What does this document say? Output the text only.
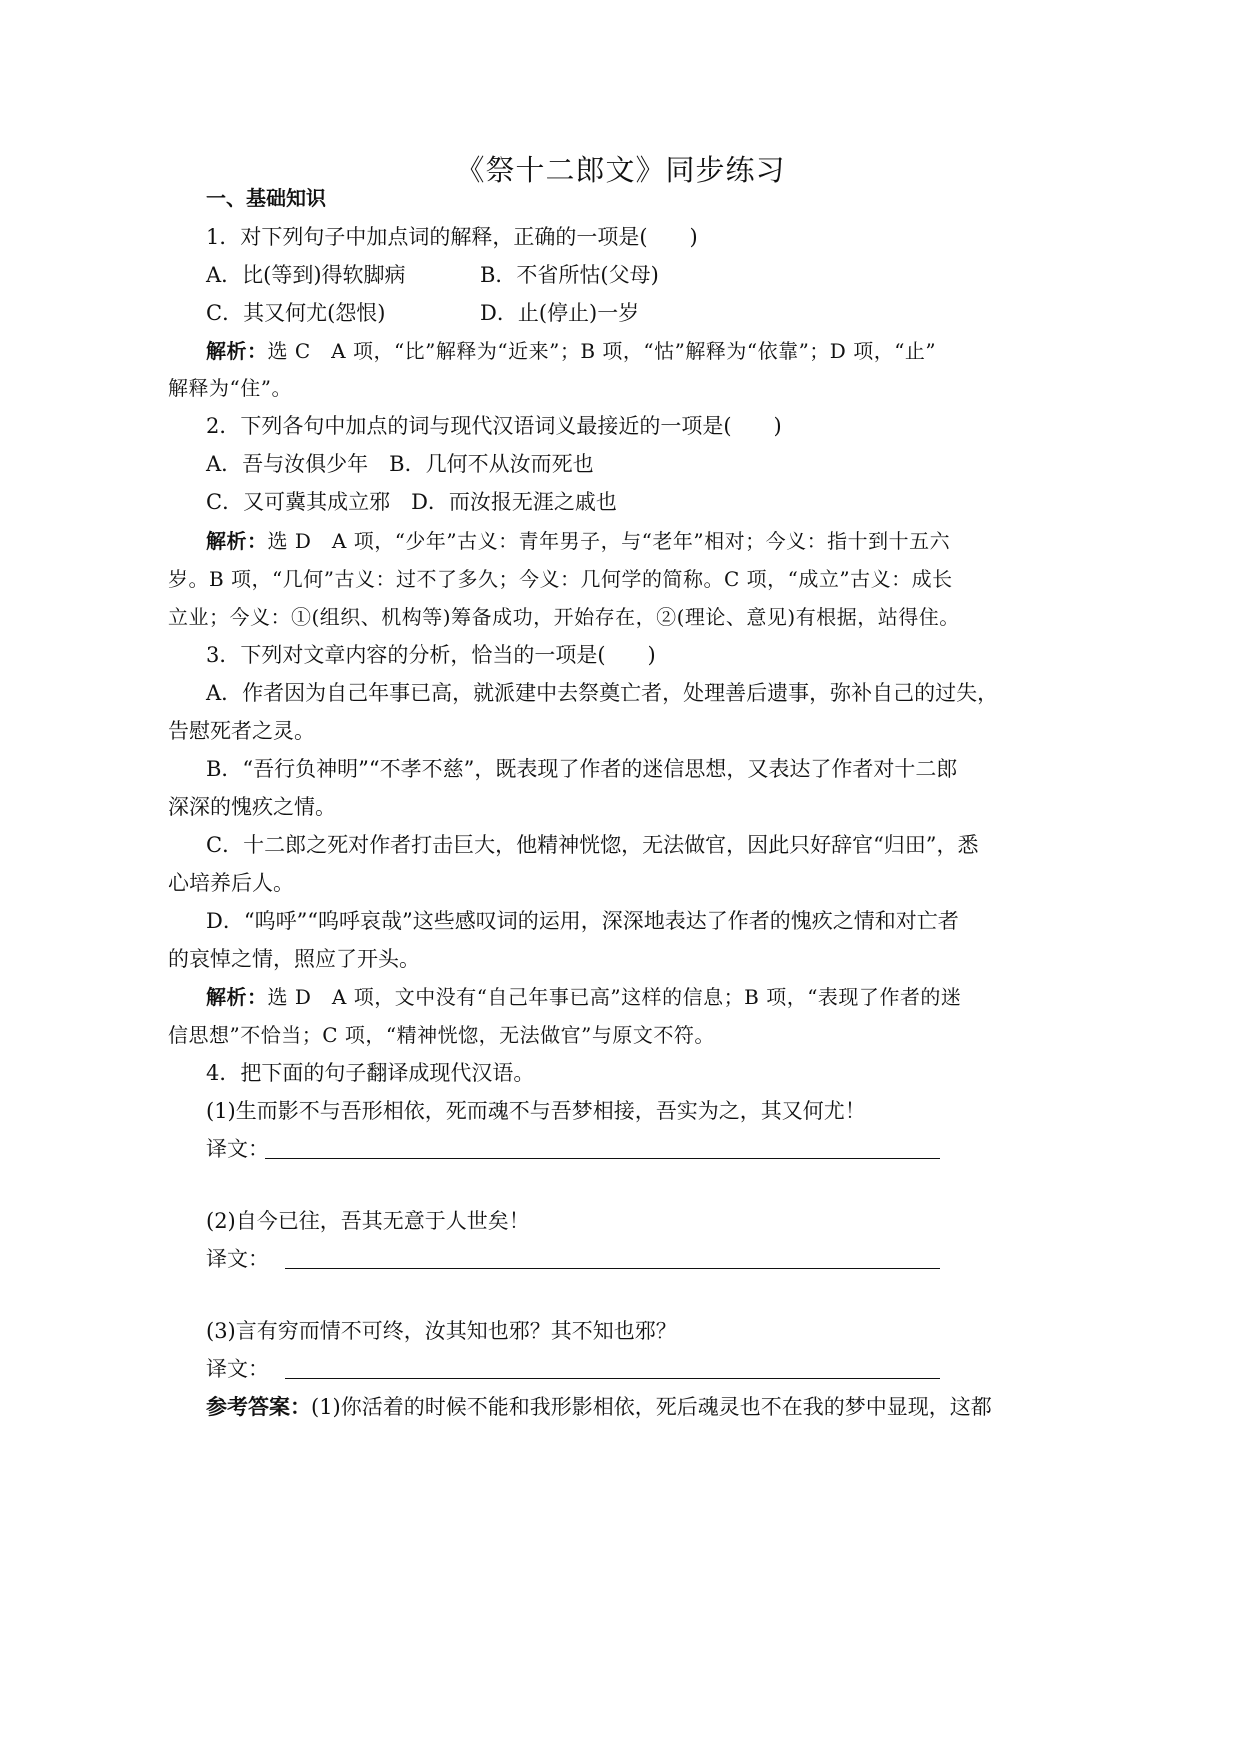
《祭十二郎文》同步练习
一、基础知识
1．对下列句子中加点词的解释，正确的一项是(　　)
A．比(等到)得软脚病	B．不省所怙(父母)
C．其又何尤(怨恨)	D．止(停止)一岁
解析：选 C　A 项，“比”解释为“近来”；B 项，“怙”解释为“依靠”；D 项，“止”
解释为“住”。
2．下列各句中加点的词与现代汉语词义最接近的一项是(　　)
A．吾与汝俱少年　B．几何不从汝而死也
C．又可冀其成立邪　D．而汝报无涯之戚也
解析：选 D　A 项，“少年”古义：青年男子，与“老年”相对；今义：指十到十五六
岁。B 项，“几何”古义：过不了多久；今义：几何学的简称。C 项，“成立”古义：成长
立业；今义：①(组织、机构等)筹备成功，开始存在，②(理论、意见)有根据，站得住。
3．下列对文章内容的分析，恰当的一项是(　　)
A．作者因为自己年事已高，就派建中去祭奠亡者，处理善后遗事，弥补自己的过失，
告慰死者之灵。
B．“吾行负神明”“不孝不慈”，既表现了作者的迷信思想，又表达了作者对十二郎
深深的愧疚之情。
C．十二郎之死对作者打击巨大，他精神恍惚，无法做官，因此只好辞官“归田”，悉
心培养后人。
D．“呜呼”“呜呼哀哉”这些感叹词的运用，深深地表达了作者的愧疚之情和对亡者
的哀悼之情，照应了开头。
解析：选 D　A 项，文中没有“自己年事已高”这样的信息；B 项，“表现了作者的迷
信思想”不恰当；C 项，“精神恍惚，无法做官”与原文不符。
4．把下面的句子翻译成现代汉语。
(1)生而影不与吾形相依，死而魂不与吾梦相接，吾实为之，其又何尤！
译文：
(2)自今已往，吾其无意于人世矣！
译文：
(3)言有穷而情不可终，汝其知也邪？其不知也邪？
译文：
参考答案：(1)你活着的时候不能和我形影相依，死后魂灵也不在我的梦中显现，这都
